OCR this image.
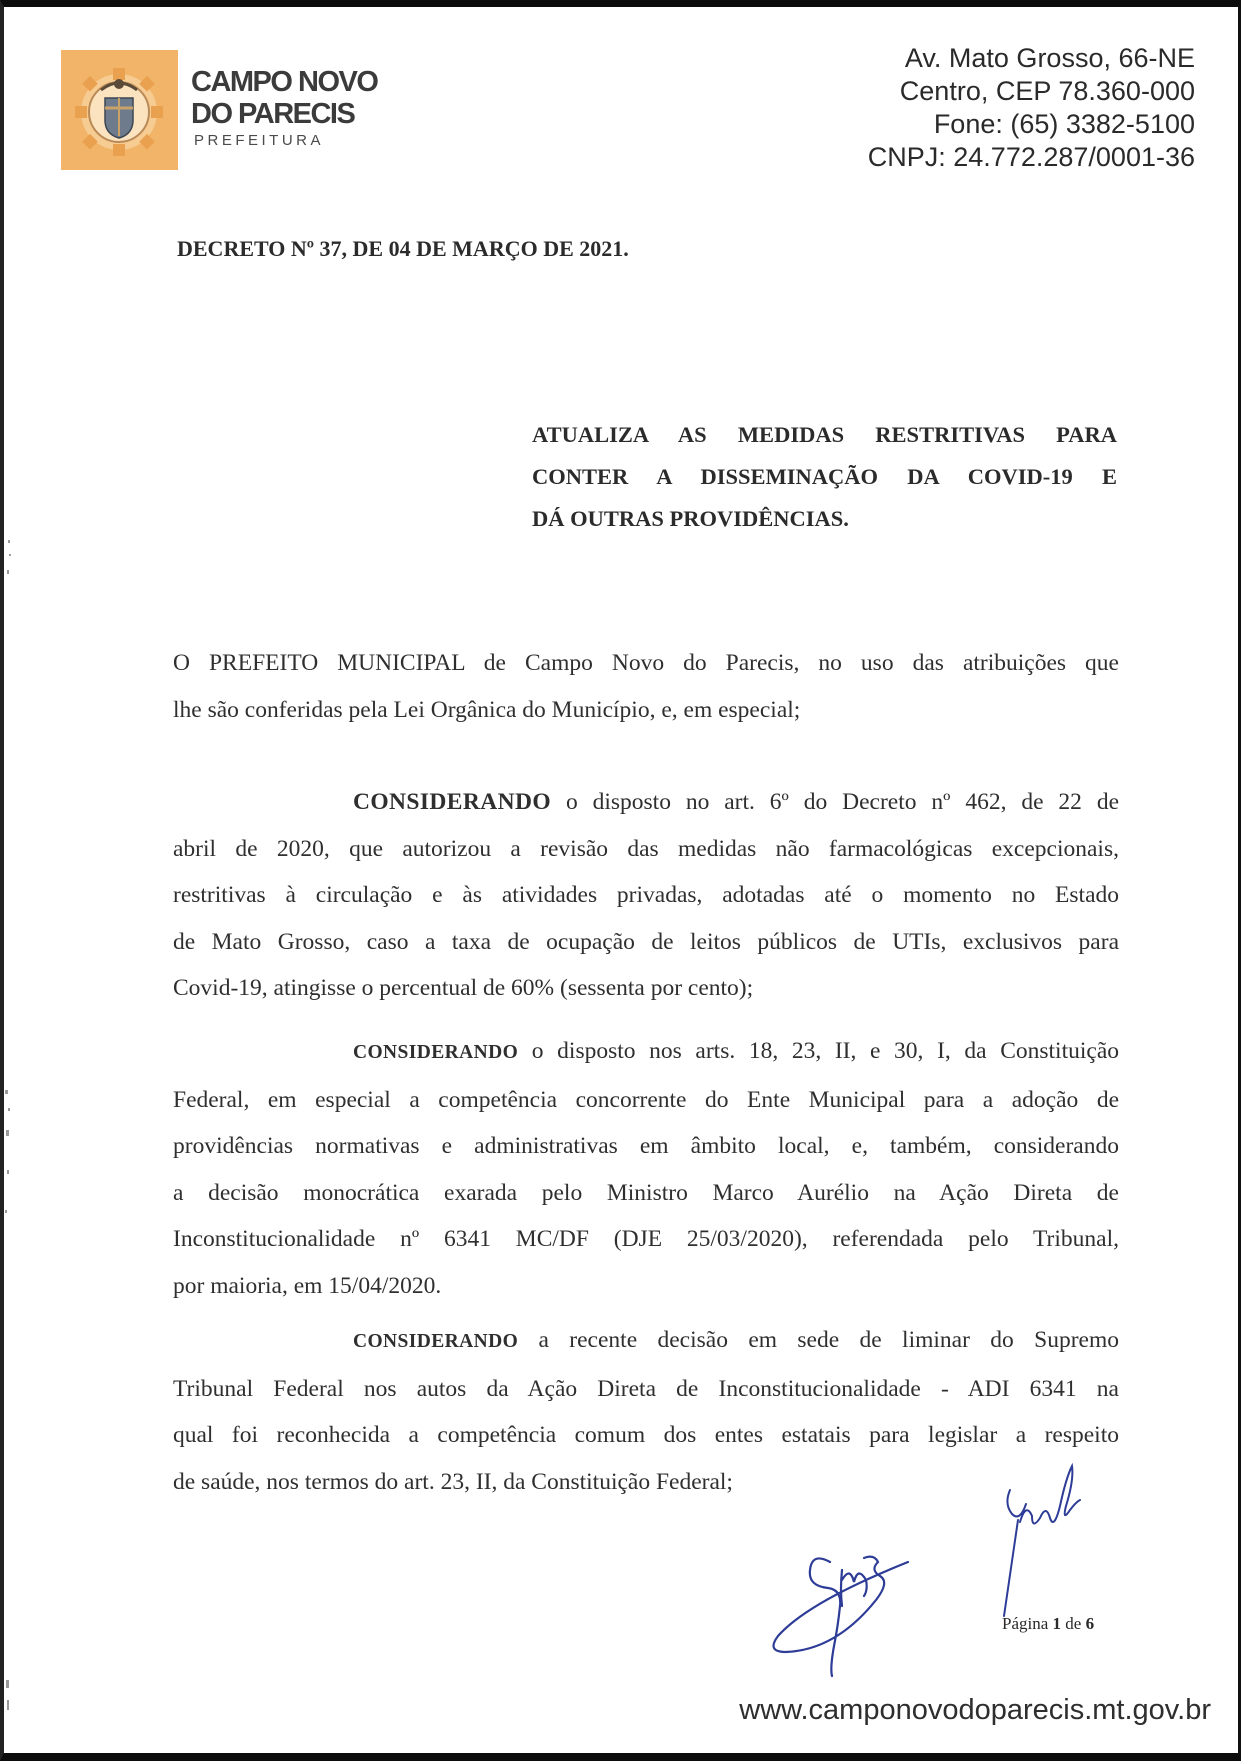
CAMPO NOVO
DO PARECIS
PREFEITURA
Av. Mato Grosso, 66-NE
Centro, CEP 78.360-000
Fone: (65) 3382-5100
CNPJ: 24.772.287/0001-36
DECRETO Nº 37, DE 04 DE MARÇO DE 2021.
ATUALIZA AS MEDIDAS RESTRITIVAS PARA
CONTER A DISSEMINAÇÃO DA COVID-19 E
DÁ OUTRAS PROVIDÊNCIAS.
O PREFEITO MUNICIPAL de Campo Novo do Parecis, no uso das atribuições que
lhe são conferidas pela Lei Orgânica do Município, e, em especial;
CONSIDERANDO o disposto no art. 6º do Decreto nº 462, de 22 de
abril de 2020, que autorizou a revisão das medidas não farmacológicas excepcionais,
restritivas à circulação e às atividades privadas, adotadas até o momento no Estado
de Mato Grosso, caso a taxa de ocupação de leitos públicos de UTIs, exclusivos para
Covid-19, atingisse o percentual de 60% (sessenta por cento);
CONSIDERANDO o disposto nos arts. 18, 23, II, e 30, I, da Constituição
Federal, em especial a competência concorrente do Ente Municipal para a adoção de
providências normativas e administrativas em âmbito local, e, também, considerando
a decisão monocrática exarada pelo Ministro Marco Aurélio na Ação Direta de
Inconstitucionalidade nº 6341 MC/DF (DJE 25/03/2020), referendada pelo Tribunal,
por maioria, em 15/04/2020.
CONSIDERANDO a recente decisão em sede de liminar do Supremo
Tribunal Federal nos autos da Ação Direta de Inconstitucionalidade - ADI 6341 na
qual foi reconhecida a competência comum dos entes estatais para legislar a respeito
de saúde, nos termos do art. 23, II, da Constituição Federal;
Página 1 de 6
www.camponovodoparecis.mt.gov.br
